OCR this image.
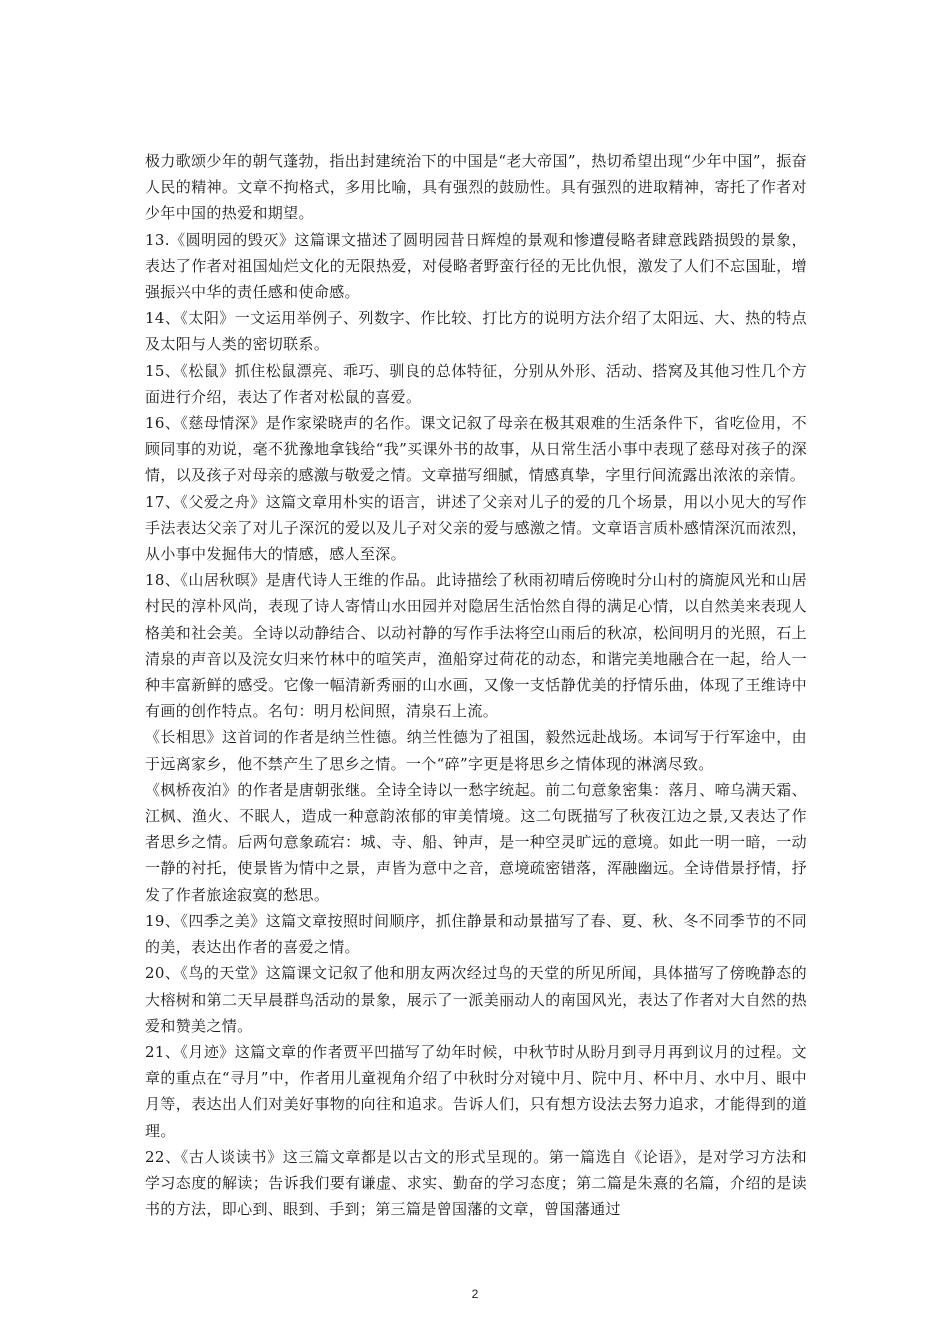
极力歌颂少年的朝气蓬勃，指出封建统治下的中国是“老大帝国”，热切希望出现“少年中国”，振奋人民的精神。文章不拘格式，多用比喻，具有强烈的鼓励性。具有强烈的进取精神，寄托了作者对少年中国的热爱和期望。

13.《圆明园的毁灭》这篇课文描述了圆明园昔日辉煌的景观和惨遭侵略者肆意践踏损毁的景象，表达了作者对祖国灿烂文化的无限热爱，对侵略者野蛮行径的无比仇恨，激发了人们不忘国耻，增强振兴中华的责任感和使命感。

14、《太阳》一文运用举例子、列数字、作比较、打比方的说明方法介绍了太阳远、大、热的特点及太阳与人类的密切联系。

15、《松鼠》抓住松鼠漂亮、乖巧、驯良的总体特征，分别从外形、活动、搭窝及其他习性几个方面进行介绍，表达了作者对松鼠的喜爱。

16、《慈母情深》是作家梁晓声的名作。课文记叙了母亲在极其艰难的生活条件下，省吃俭用，不顾同事的劝说，毫不犹豫地拿钱给“我”买课外书的故事，从日常生活小事中表现了慈母对孩子的深情，以及孩子对母亲的感激与敬爱之情。文章描写细腻，情感真挚，字里行间流露出浓浓的亲情。

17、《父爱之舟》这篇文章用朴实的语言，讲述了父亲对儿子的爱的几个场景，用以小见大的写作手法表达父亲了对儿子深沉的爱以及儿子对父亲的爱与感激之情。文章语言质朴感情深沉而浓烈，从小事中发掘伟大的情感，感人至深。

18、《山居秋暝》是唐代诗人王维的作品。此诗描绘了秋雨初晴后傍晚时分山村的旖旎风光和山居村民的淳朴风尚，表现了诗人寄情山水田园并对隐居生活怡然自得的满足心情，以自然美来表现人格美和社会美。全诗以动静结合、以动衬静的写作手法将空山雨后的秋凉，松间明月的光照，石上清泉的声音以及浣女归来竹林中的喧笑声，渔船穿过荷花的动态，和谐完美地融合在一起，给人一种丰富新鲜的感受。它像一幅清新秀丽的山水画，又像一支恬静优美的抒情乐曲，体现了王维诗中有画的创作特点。名句：明月松间照，清泉石上流。

《长相思》这首词的作者是纳兰性德。纳兰性德为了祖国，毅然远赴战场。本词写于行军途中，由于远离家乡，他不禁产生了思乡之情。一个“碎”字更是将思乡之情体现的淋漓尽致。

《枫桥夜泊》的作者是唐朝张继。全诗全诗以一愁字统起。前二句意象密集：落月、啼乌满天霜、江枫、渔火、不眠人，造成一种意韵浓郁的审美情境。这二句既描写了秋夜江边之景,又表达了作者思乡之情。后两句意象疏宕：城、寺、船、钟声，是一种空灵旷远的意境。如此一明一暗，一动一静的衬托，使景皆为情中之景，声皆为意中之音，意境疏密错落，浑融幽远。全诗借景抒情，抒发了作者旅途寂寞的愁思。

19、《四季之美》这篇文章按照时间顺序，抓住静景和动景描写了春、夏、秋、冬不同季节的不同的美，表达出作者的喜爱之情。

20、《鸟的天堂》这篇课文记叙了他和朋友两次经过鸟的天堂的所见所闻，具体描写了傍晚静态的大榕树和第二天早晨群鸟活动的景象，展示了一派美丽动人的南国风光，表达了作者对大自然的热爱和赞美之情。

21、《月迹》这篇文章的作者贾平凹描写了幼年时候，中秋节时从盼月到寻月再到议月的过程。文章的重点在“寻月”中，作者用儿童视角介绍了中秋时分对镜中月、院中月、杯中月、水中月、眼中月等，表达出人们对美好事物的向往和追求。告诉人们，只有想方设法去努力追求，才能得到的道理。

22、《古人谈读书》这三篇文章都是以古文的形式呈现的。第一篇选自《论语》，是对学习方法和学习态度的解读；告诉我们要有谦虚、求实、勤奋的学习态度；第二篇是朱熹的名篇，介绍的是读书的方法，即心到、眼到、手到；第三篇是曾国藩的文章，曾国藩通过

2
